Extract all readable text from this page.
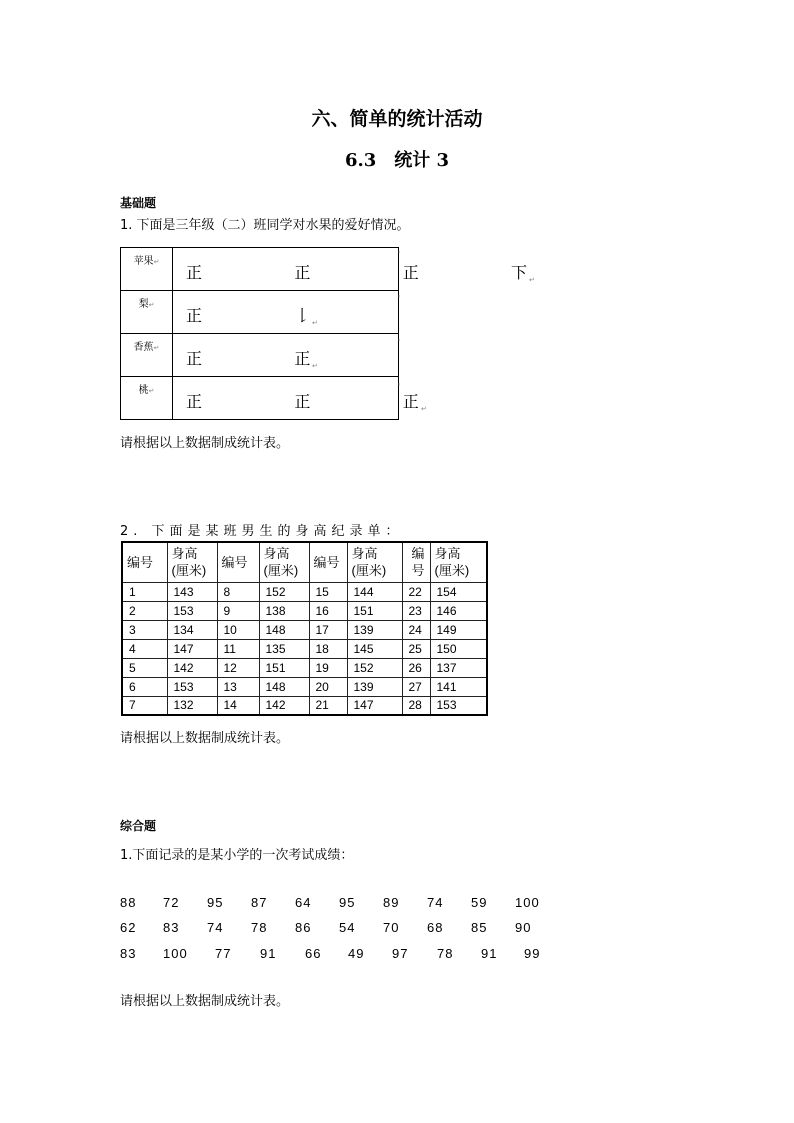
六、简单的统计活动
6.3　统计 3
基础题
1. 下面是三年级（二）班同学对水果的爱好情况。
苹果↵	正    正    正    下 ↵

梨↵	正    𠄌 ↵

香蕉↵	正    正 ↵

桃↵	正    正    正 ↵
'
'
'
'
请根据以上数据制成统计表。
2. 下面是某班男生的身高纪录单：
编号	身高
(厘米)	编号	身高
(厘米)	编号	身高
(厘米)	编
号	身高
(厘米)
1	143	8	152	15	144	22	154
2	153	9	138	16	151	23	146
3	134	10	148	17	139	24	149
4	147	11	135	18	145	25	150
5	142	12	151	19	152	26	137
6	153	13	148	20	139	27	141
7	132	14	142	21	147	28	153
请根据以上数据制成统计表。
综合题
1.下面记录的是某小学的一次考试成绩：
88 72 95 87 64 95 89 74 59 100
62 83 74 78 86 54 70 68 85 90
83 100 77 91 66 49 97 78 91 99
请根据以上数据制成统计表。
